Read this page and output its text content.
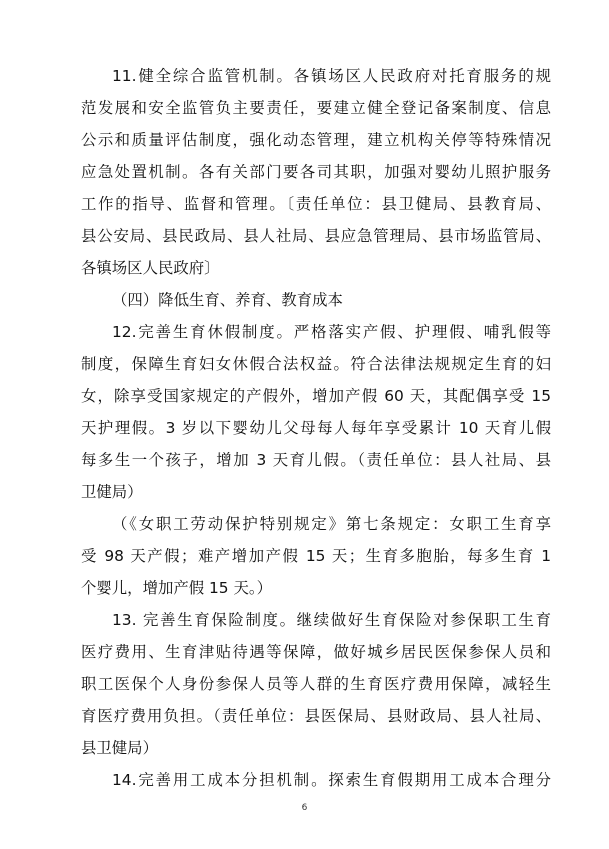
11.健全综合监管机制。各镇场区人民政府对托育服务的规
范发展和安全监管负主要责任，要建立健全登记备案制度、信息
公示和质量评估制度，强化动态管理，建立机构关停等特殊情况
应急处置机制。各有关部门要各司其职，加强对婴幼儿照护服务
工作的指导、监督和管理。〔责任单位：县卫健局、县教育局、
县公安局、县民政局、县人社局、县应急管理局、县市场监管局、
各镇场区人民政府〕
（四）降低生育、养育、教育成本
12.完善生育休假制度。严格落实产假、护理假、哺乳假等
制度，保障生育妇女休假合法权益。符合法律法规规定生育的妇
女，除享受国家规定的产假外，增加产假 60 天，其配偶享受 15
天护理假。3 岁以下婴幼儿父母每人每年享受累计 10 天育儿假
每多生一个孩子，增加 3 天育儿假。（责任单位：县人社局、县
卫健局）
（《女职工劳动保护特别规定》第七条规定：女职工生育享
受 98 天产假；难产增加产假 15 天；生育多胞胎，每多生育 1
个婴儿，增加产假 15 天。）
13. 完善生育保险制度。继续做好生育保险对参保职工生育
医疗费用、生育津贴待遇等保障，做好城乡居民医保参保人员和
职工医保个人身份参保人员等人群的生育医疗费用保障，减轻生
育医疗费用负担。（责任单位：县医保局、县财政局、县人社局、
县卫健局）
14.完善用工成本分担机制。探索生育假期用工成本合理分
6
